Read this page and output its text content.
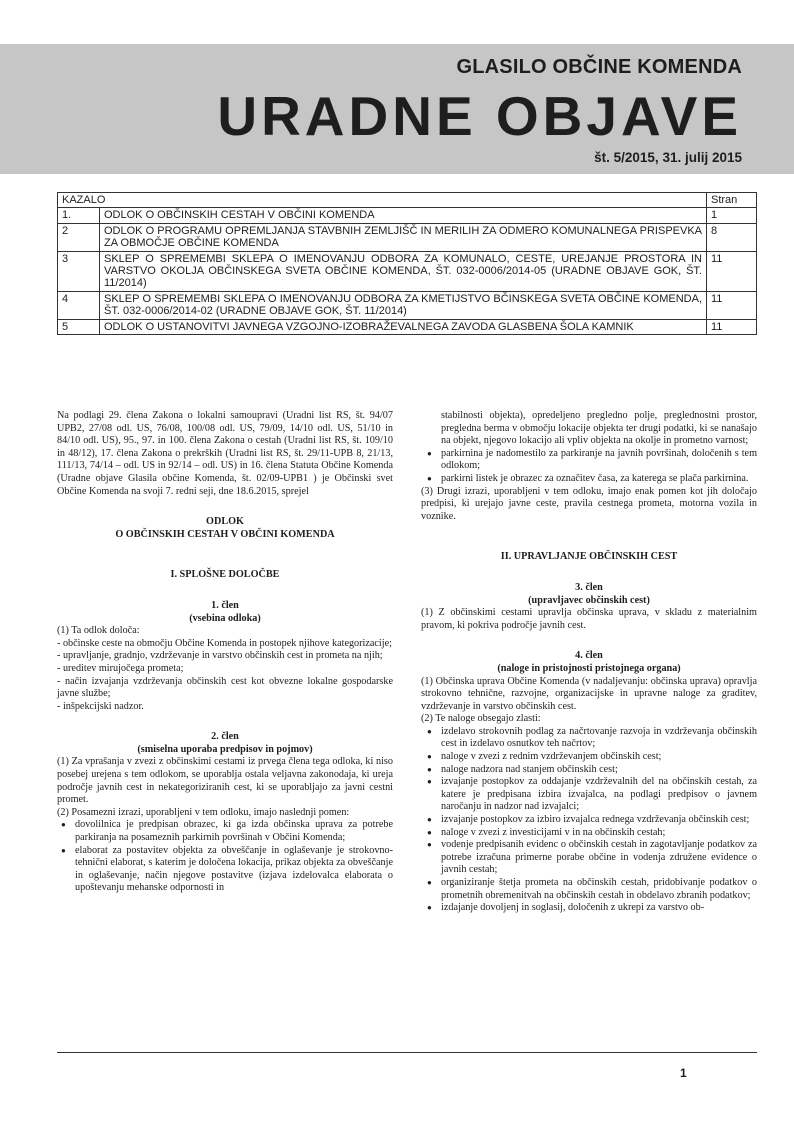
GLASILO OBČINE KOMENDA
URADNE OBJAVE
št. 5/2015, 31. julij 2015
KAZALO		Stran
1.	ODLOK O OBČINSKIH CESTAH V OBČINI KOMENDA	1
2	ODLOK O PROGRAMU OPREMLJANJA STAVBNIH ZEMLJIŠČ IN MERILIH ZA ODMERO KOMUNALNEGA PRISPEVKA ZA OBMOČJE OBČINE KOMENDA	8
3	SKLEP O SPREMEMBI SKLEPA O IMENOVANJU ODBORA ZA KOMUNALO, CESTE, UREJANJE PROSTORA IN VARSTVO OKOLJA OBČINSKEGA SVETA OBČINE KOMENDA, ŠT. 032-0006/2014-05 (URADNE OBJAVE GOK, ŠT. 11/2014)	11
4	SKLEP O SPREMEMBI SKLEPA O IMENOVANJU ODBORA ZA KMETIJSTVO BČINSKEGA SVETA OBČINE KOMENDA, ŠT. 032-0006/2014-02 (URADNE OBJAVE GOK, ŠT. 11/2014)	11
5	ODLOK O USTANOVITVI JAVNEGA VZGOJNO-IZOBRAŽEVALNEGA ZAVODA GLASBENA ŠOLA KAMNIK	11

Na podlagi 29. člena Zakona o lokalni samoupravi (Uradni list RS, št. 94/07 UPB2, 27/08 odl. US, 76/08, 100/08 odl. US, 79/09, 14/10 odl. US, 51/10 in 84/10 odl. US), 95., 97. in 100. člena Zakona o cestah (Uradni list RS, št. 109/10 in 48/12), 17. člena Zakona o prekrških (Uradni list RS, št. 29/11-UPB 8, 21/13, 111/13, 74/14 – odl. US in 92/14 – odl. US) in 16. člena Statuta Občine Komenda (Uradne objave Glasila občine Komenda, št. 02/09-UPB1 ) je Občinski svet Občine Komenda na svoji 7. redni seji, dne 18.6.2015, sprejel

ODLOK

O OBČINSKIH CESTAH V OBČINI KOMENDA

I. SPLOŠNE DOLOČBE

1. člen

(vsebina odloka)

(1) Ta odlok določa:

- občinske ceste na območju Občine Komenda in postopek njihove kategorizacije;

- upravljanje, gradnjo, vzdrževanje in varstvo občinskih cest in prometa na njih;

- ureditev mirujočega prometa;

- način izvajanja vzdrževanja občinskih cest kot obvezne lokalne gospodarske javne službe;

- inšpekcijski nadzor.

2. člen

(smiselna uporaba predpisov in pojmov)

(1) Za vprašanja v zvezi z občinskimi cestami iz prvega člena tega odloka, ki niso posebej urejena s tem odlokom, se uporablja ostala veljavna zakonodaja, ki ureja področje javnih cest in nekategoriziranih cest, ki se uporabljajo za javni cestni promet.

(2) Posamezni izrazi, uporabljeni v tem odloku, imajo naslednji pomen:

● dovolilnica je predpisan obrazec, ki ga izda občinska uprava za potrebe parkiranja na posameznih parkirnih površinah v Občini Komenda;

● elaborat za postavitev objekta za obveščanje in oglaševanje je strokovno-tehnični elaborat, s katerim je določena lokacija, prikaz objekta za obveščanje in oglaševanje, način njegove postavitve (izjava izdelovalca elaborata o upoštevanju mehanske odpornosti in

stabilnosti objekta), opredeljeno pregledno polje, preglednostni prostor, pregledna berma v območju lokacije objekta ter drugi podatki, ki se nanašajo na objekt, njegovo lokacijo ali vpliv objekta na okolje in prometno varnost;

● parkirnina je nadomestilo za parkiranje na javnih površinah, določenih s tem odlokom;

● parkirni listek je obrazec za označitev časa, za katerega se plača parkirnina.

(3) Drugi izrazi, uporabljeni v tem odloku, imajo enak pomen kot jih določajo predpisi, ki urejajo javne ceste, pravila cestnega prometa, motorna vozila in voznike.

II. UPRAVLJANJE OBČINSKIH CEST

3. člen

(upravljavec občinskih cest)

(1) Z občinskimi cestami upravlja občinska uprava, v skladu z materialnim pravom, ki pokriva področje javnih cest.

4. člen

(naloge in pristojnosti pristojnega organa)

(1) Občinska uprava Občine Komenda (v nadaljevanju: občinska uprava) opravlja strokovno tehnične, razvojne, organizacijske in upravne naloge za graditev, vzdrževanje in varstvo občinskih cest.

(2) Te naloge obsegajo zlasti:

● izdelavo strokovnih podlag za načrtovanje razvoja in vzdrževanja občinskih cest in izdelavo osnutkov teh načrtov;

● naloge v zvezi z rednim vzdrževanjem občinskih cest;

● naloge nadzora nad stanjem občinskih cest;

● izvajanje postopkov za oddajanje vzdrževalnih del na občinskih cestah, za katere je predpisana izbira izvajalca, na podlagi predpisov o javnem naročanju in nadzor nad izvajalci;

● izvajanje postopkov za izbiro izvajalca rednega vzdrževanja občinskih cest;

● naloge v zvezi z investicijami v in na občinskih cestah;

● vodenje predpisanih evidenc o občinskih cestah in zagotavljanje podatkov za potrebe izračuna primerne porabe občine in vodenja združene evidence o javnih cestah;

● organiziranje štetja prometa na občinskih cestah, pridobivanje podatkov o prometnih obremenitvah na občinskih cestah in obdelavo zbranih podatkov;

● izdajanje dovoljenj in soglasij, določenih z ukrepi za varstvo ob-

1
